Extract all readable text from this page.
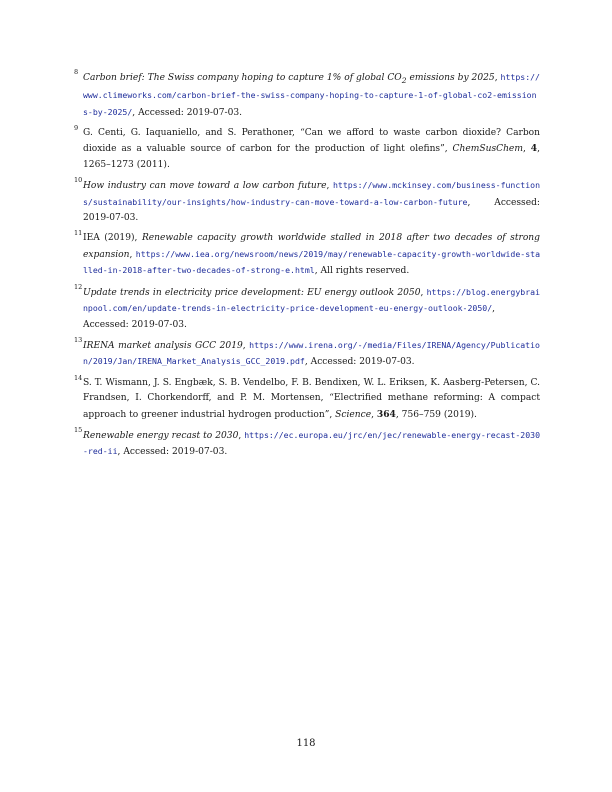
8
Carbon brief: The Swiss company hoping to capture 1% of global $CO_2$ emissions by 2025, https://www.climeworks.com/carbon-brief-the-swiss-company-hoping-to-capture-1-of-global-co2-emissions-by-2025/, Accessed: 2019-07-03.
9 G. Centi, G. Iaquaniello, and S. Perathoner, “Can we afford to waste carbon dioxide? Carbon dioxide as a valuable source of carbon for the production of light olefins”, ChemSusChem, 4, 1265–1273 (2011).
10
How industry can move toward a low carbon future, https://www.mckinsey.com/business-functions/sustainability/our-insights/how-industry-can-move-toward-a-low-carbon-future, Accessed: 2019-07-03.
11 IEA (2019), Renewable capacity growth worldwide stalled in 2018 after two decades of strong expansion, https://www.iea.org/newsroom/news/2019/may/renewable-capacity-growth-worldwide-stalled-in-2018-after-two-decades-of-strong-e.html, All rights reserved.
12
Update trends in electricity price development: EU energy outlook 2050, https://blog.energybrainpool.com/en/update-trends-in-electricity-price-development-eu-energy-outlook-2050/, Accessed: 2019-07-03.
13
IRENA market analysis GCC 2019, https://www.irena.org/-/media/Files/IRENA/Agency/Publication/2019/Jan/IRENA_Market_Analysis_GCC_2019.pdf, Accessed: 2019-07-03.
14 S. T. Wismann, J. S. Engbæk, S. B. Vendelbo, F. B. Bendixen, W. L. Eriksen, K. Aasberg-Petersen, C. Frandsen, I. Chorkendorff, and P. M. Mortensen, “Electrified methane reforming: A compact approach to greener industrial hydrogen production”, Science, 364, 756–759 (2019).
15
Renewable energy recast to 2030, https://ec.europa.eu/jrc/en/jec/renewable-energy-recast-2030-red-ii, Accessed: 2019-07-03.
118
